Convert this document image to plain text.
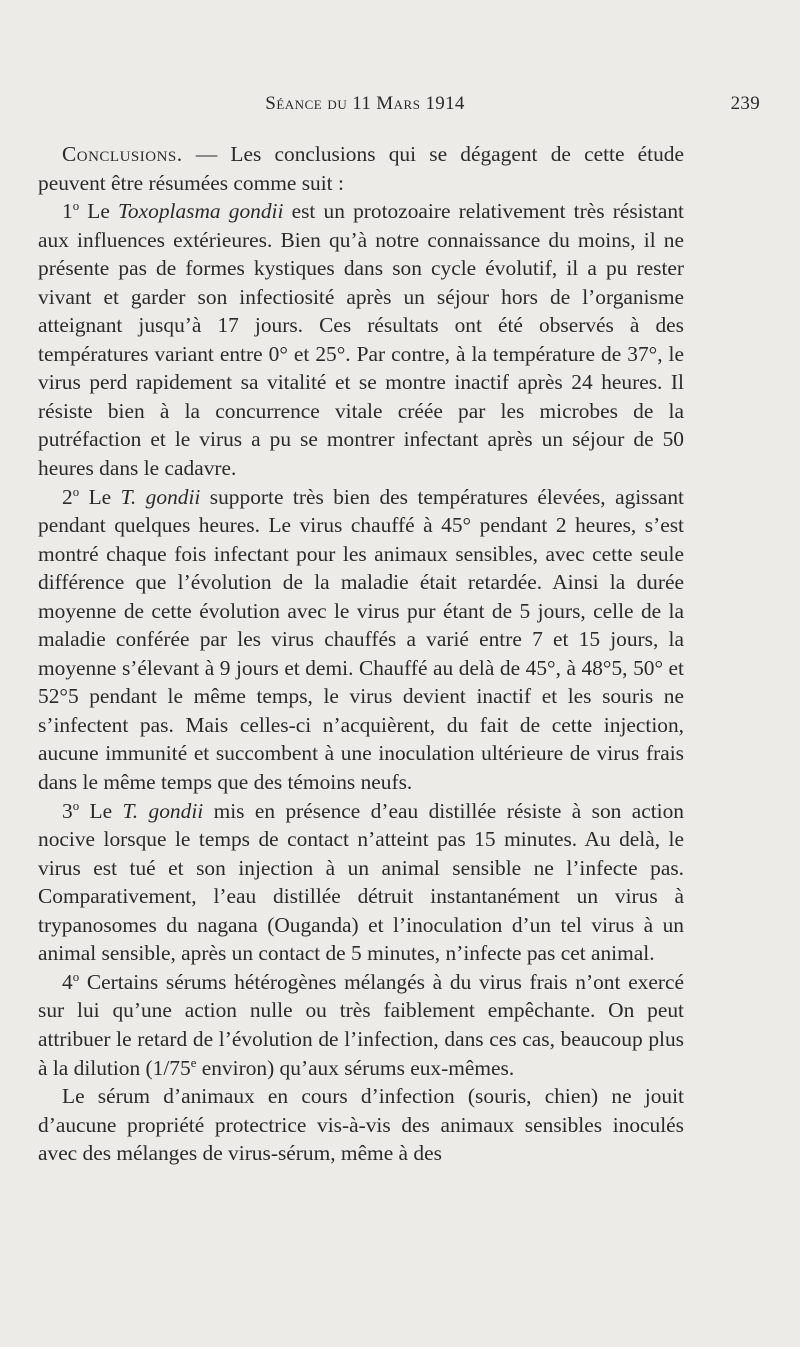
Séance du 11 Mars 1914	239

Conclusions. — Les conclusions qui se dégagent de cette étude peuvent être résumées comme suit :

1$^o$ Le Toxoplasma gondii est un protozoaire relativement très résistant aux influences extérieures. Bien qu’à notre connaissance du moins, il ne présente pas de formes kystiques dans son cycle évolutif, il a pu rester vivant et garder son infectiosité après un séjour hors de l’organisme atteignant jusqu’à 17 jours. Ces résultats ont été observés à des températures variant entre 0° et 25°. Par contre, à la température de 37°, le virus perd rapidement sa vitalité et se montre inactif après 24 heures. Il résiste bien à la concurrence vitale créée par les microbes de la putréfaction et le virus a pu se montrer infectant après un séjour de 50 heures dans le cadavre.

2$^o$ Le T. gondii supporte très bien des températures élevées, agissant pendant quelques heures. Le virus chauffé à 45° pendant 2 heures, s’est montré chaque fois infectant pour les animaux sensibles, avec cette seule différence que l’évolution de la maladie était retardée. Ainsi la durée moyenne de cette évolution avec le virus pur étant de 5 jours, celle de la maladie conférée par les virus chauffés a varié entre 7 et 15 jours, la moyenne s’élevant à 9 jours et demi. Chauffé au delà de 45°, à 48°5, 50° et 52°5 pendant le même temps, le virus devient inactif et les souris ne s’infectent pas. Mais celles-ci n’acquièrent, du fait de cette injection, aucune immunité et succombent à une inoculation ultérieure de virus frais dans le même temps que des témoins neufs.

3$^o$ Le T. gondii mis en présence d’eau distillée résiste à son action nocive lorsque le temps de contact n’atteint pas 15 minutes. Au delà, le virus est tué et son injection à un animal sensible ne l’infecte pas. Comparativement, l’eau distillée détruit instantanément un virus à trypanosomes du nagana (Ouganda) et l’inoculation d’un tel virus à un animal sensible, après un contact de 5 minutes, n’infecte pas cet animal.

4$^o$ Certains sérums hétérogènes mélangés à du virus frais n’ont exercé sur lui qu’une action nulle ou très faiblement empêchante. On peut attribuer le retard de l’évolution de l’infection, dans ces cas, beaucoup plus à la dilution (1/75e environ) qu’aux sérums eux-mêmes.

Le sérum d’animaux en cours d’infection (souris, chien) ne jouit d’aucune propriété protectrice vis-à-vis des animaux sensibles inoculés avec des mélanges de virus-sérum, même à des
